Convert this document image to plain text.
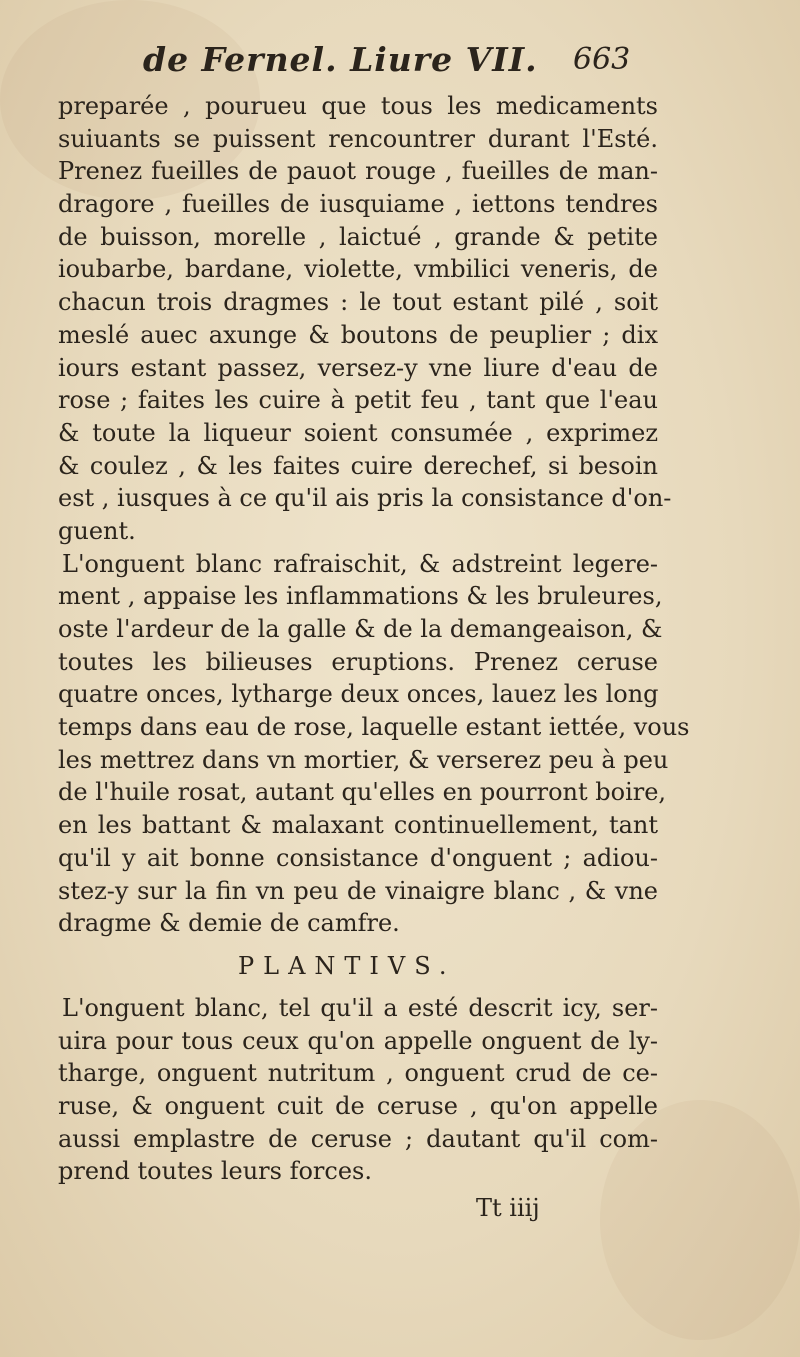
de Fernel. Liure VII. 663
preparée , pourueu que tous les medicaments
suiuants se puissent rencountrer durant l'Esté.
Prenez fueilles de pauot rouge , fueilles de man-
dragore , fueilles de iusquiame , iettons tendres
de buisson, morelle , laictué , grande & petite
ioubarbe, bardane, violette, vmbilici veneris, de
chacun trois dragmes : le tout estant pilé , soit
meslé auec axunge & boutons de peuplier ; dix
iours estant passez, versez-y vne liure d'eau de
rose ; faites les cuire à petit feu , tant que l'eau
& toute la liqueur soient consumée , exprimez
& coulez , & les faites cuire derechef, si besoin
est , iusques à ce qu'il ais pris la consistance d'on-
guent.
L'onguent blanc rafraischit, & adstreint legere-
ment , appaise les inflammations & les bruleures,
oste l'ardeur de la galle & de la demangeaison, &
toutes les bilieuses eruptions. Prenez ceruse
quatre onces, lytharge deux onces, lauez les long
temps dans eau de rose, laquelle estant iettée, vous
les mettrez dans vn mortier, & verserez peu à peu
de l'huile rosat, autant qu'elles en pourront boire,
en les battant & malaxant continuellement, tant
qu'il y ait bonne consistance d'onguent ; adiou-
stez-y sur la fin vn peu de vinaigre blanc , & vne
dragme & demie de camfre.
PLANTIVS.
L'onguent blanc, tel qu'il a esté descrit icy, ser-
uira pour tous ceux qu'on appelle onguent de ly-
tharge, onguent nutritum , onguent crud de ce-
ruse, & onguent cuit de ceruse , qu'on appelle
aussi emplastre de ceruse ; dautant qu'il com-
prend toutes leurs forces.
Tt iiij
